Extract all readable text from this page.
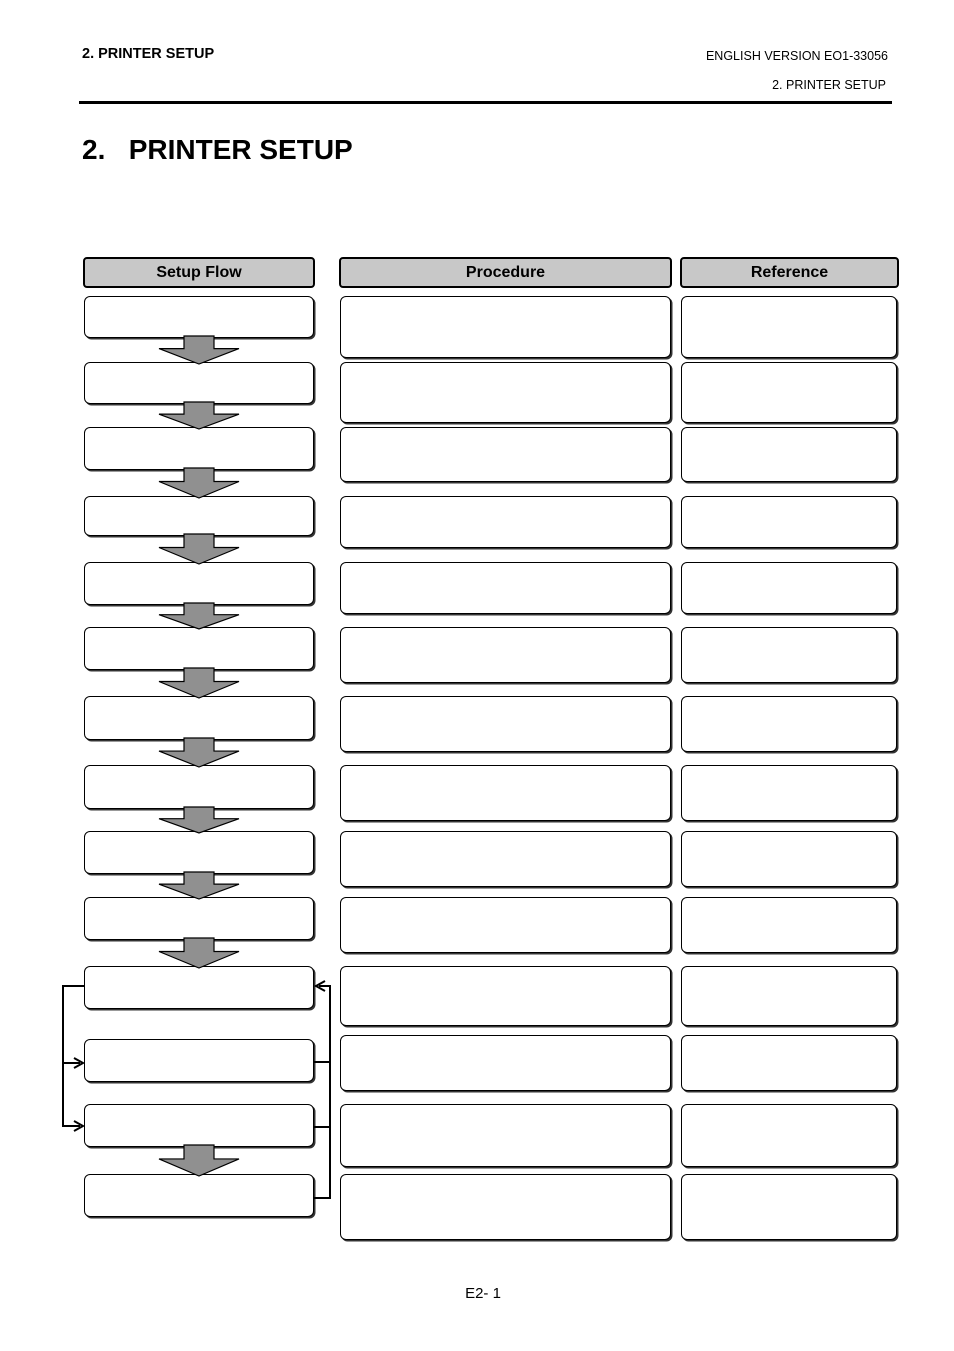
2. PRINTER SETUP	ENGLISH VERSION EO1-33056
2. PRINTER SETUP
2.   PRINTER SETUP
Setup Flow	Procedure	Reference
E2- 1
